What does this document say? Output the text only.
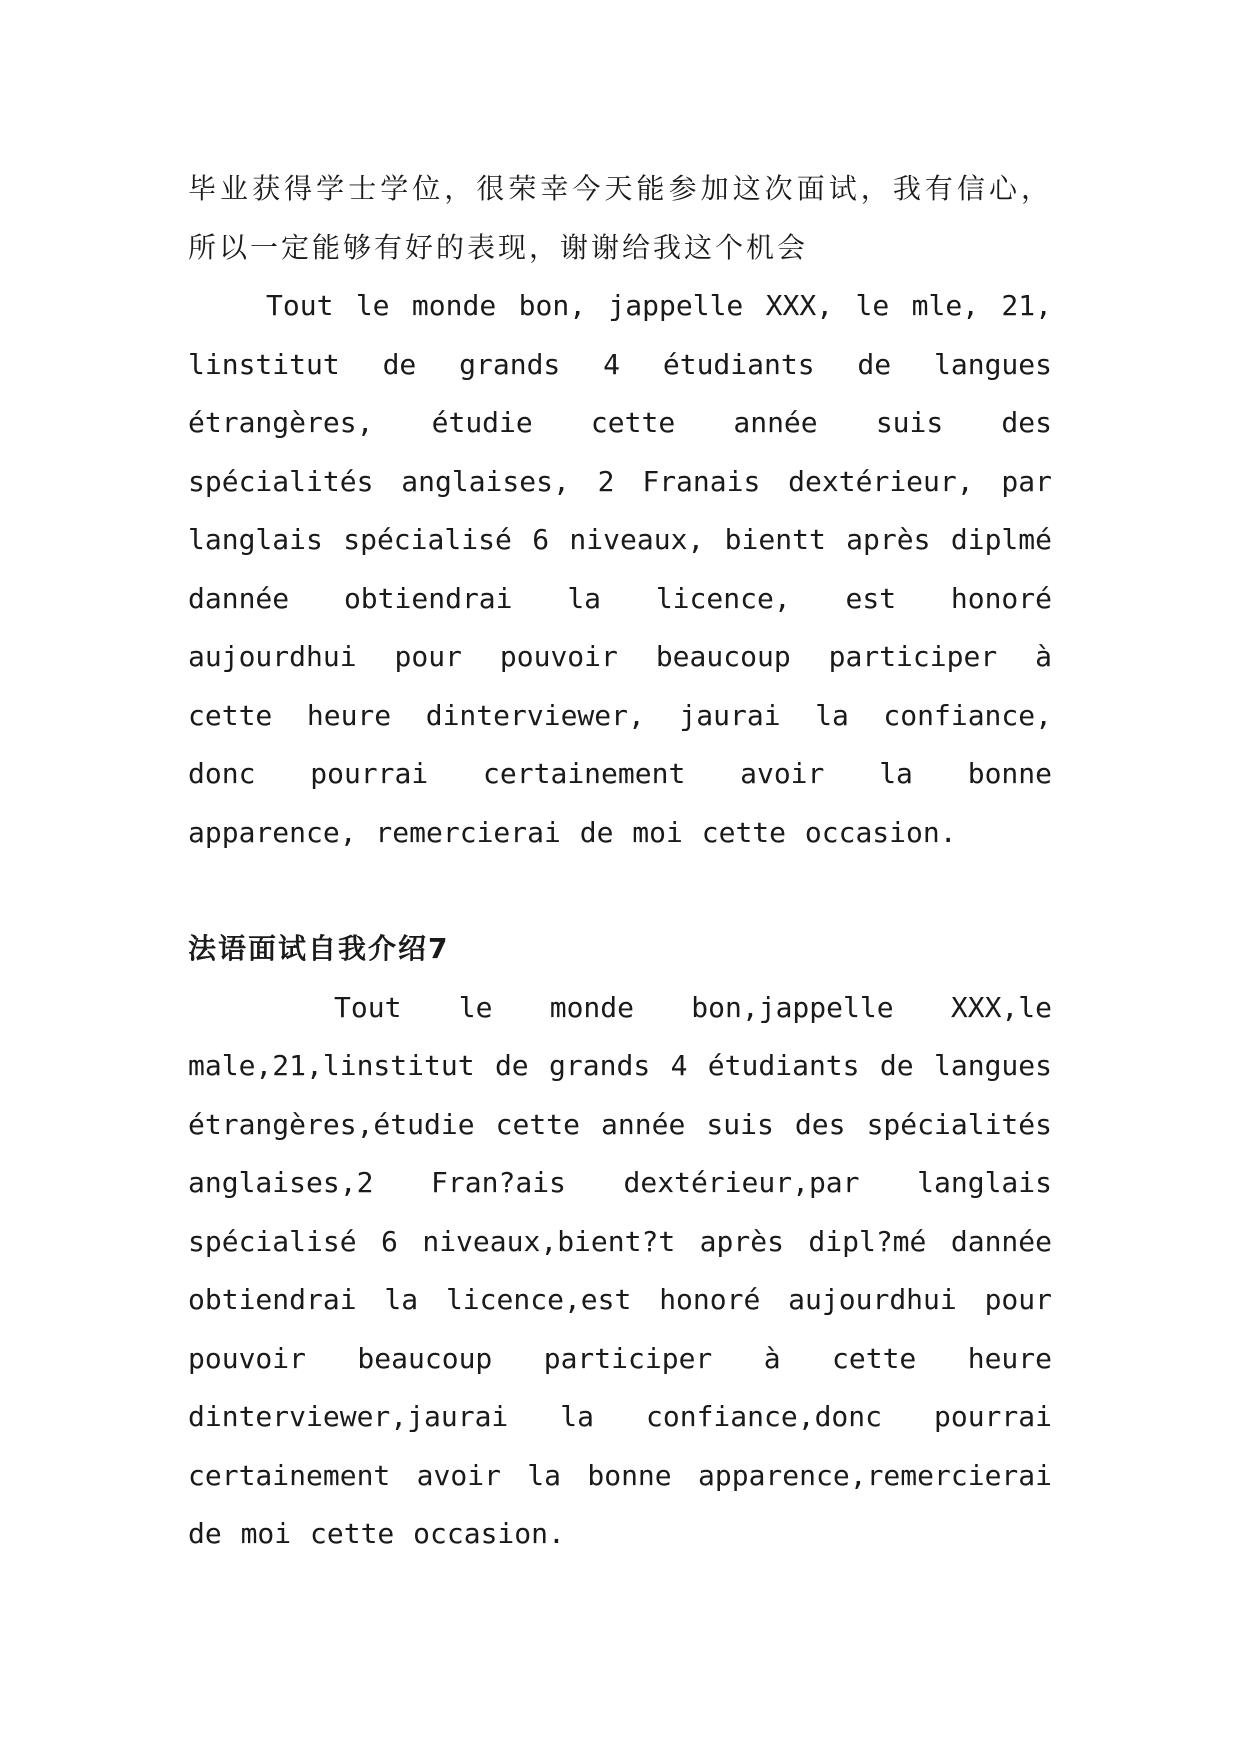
毕业获得学士学位，很荣幸今天能参加这次面试，我有信心，所以一定能够有好的表现，谢谢给我这个机会

Tout le monde bon, jappelle XXX, le mle, 21, linstitut de grands 4 étudiants de langues étrangères, étudie cette année suis des spécialités anglaises, 2 Franais dextérieur, par langlais spécialisé 6 niveaux, bientt après diplmé dannée obtiendrai la licence, est honoré aujourdhui pour pouvoir beaucoup participer à cette heure dinterviewer, jaurai la confiance, donc pourrai certainement avoir la bonne apparence, remercierai de moi cette occasion.

法语面试自我介绍7

Tout le monde bon,jappelle XXX,le male,21,linstitut de grands 4 étudiants de langues étrangères,étudie cette année suis des spécialités anglaises,2 Fran?ais dextérieur,par langlais spécialisé 6 niveaux,bient?t après dipl?mé dannée obtiendrai la licence,est honoré aujourdhui pour pouvoir beaucoup participer à cette heure dinterviewer,jaurai la confiance,donc pourrai certainement avoir la bonne apparence,remercierai de moi cette occasion.
